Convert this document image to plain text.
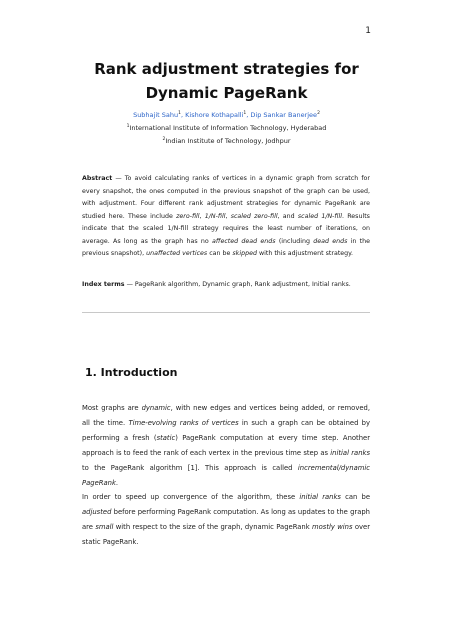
1
Rank adjustment strategies for
Dynamic PageRank
Subhajit Sahu$^1$, Kishore Kothapalli$^1$, Dip Sankar Banerjee$^2$
$^1$International Institute of Information Technology, Hyderabad
$^2$Indian Institute of Technology, Jodhpur

Abstract — To avoid calculating ranks of vertices in a dynamic graph from scratch for every snapshot, the ones computed in the previous snapshot of the graph can be used, with adjustment. Four different rank adjustment strategies for dynamic PageRank are studied here. These include zero-fill, 1/N-fill, scaled zero-fill, and scaled 1/N-fill. Results indicate that the scaled 1/N-fill strategy requires the least number of iterations, on average. As long as the graph has no affected dead ends (including dead ends in the previous snapshot), unaffected vertices can be skipped with this adjustment strategy.

Index terms — PageRank algorithm, Dynamic graph, Rank adjustment, Initial ranks.

1. Introduction

Most graphs are dynamic, with new edges and vertices being added, or removed, all the time. Time-evolving ranks of vertices in such a graph can be obtained by performing a fresh (static) PageRank computation at every time step. Another approach is to feed the rank of each vertex in the previous time step as initial ranks to the PageRank algorithm [1]. This approach is called incremental/dynamic PageRank.

In order to speed up convergence of the algorithm, these initial ranks can be adjusted before performing PageRank computation. As long as updates to the graph are small with respect to the size of the graph, dynamic PageRank mostly wins over static PageRank.
